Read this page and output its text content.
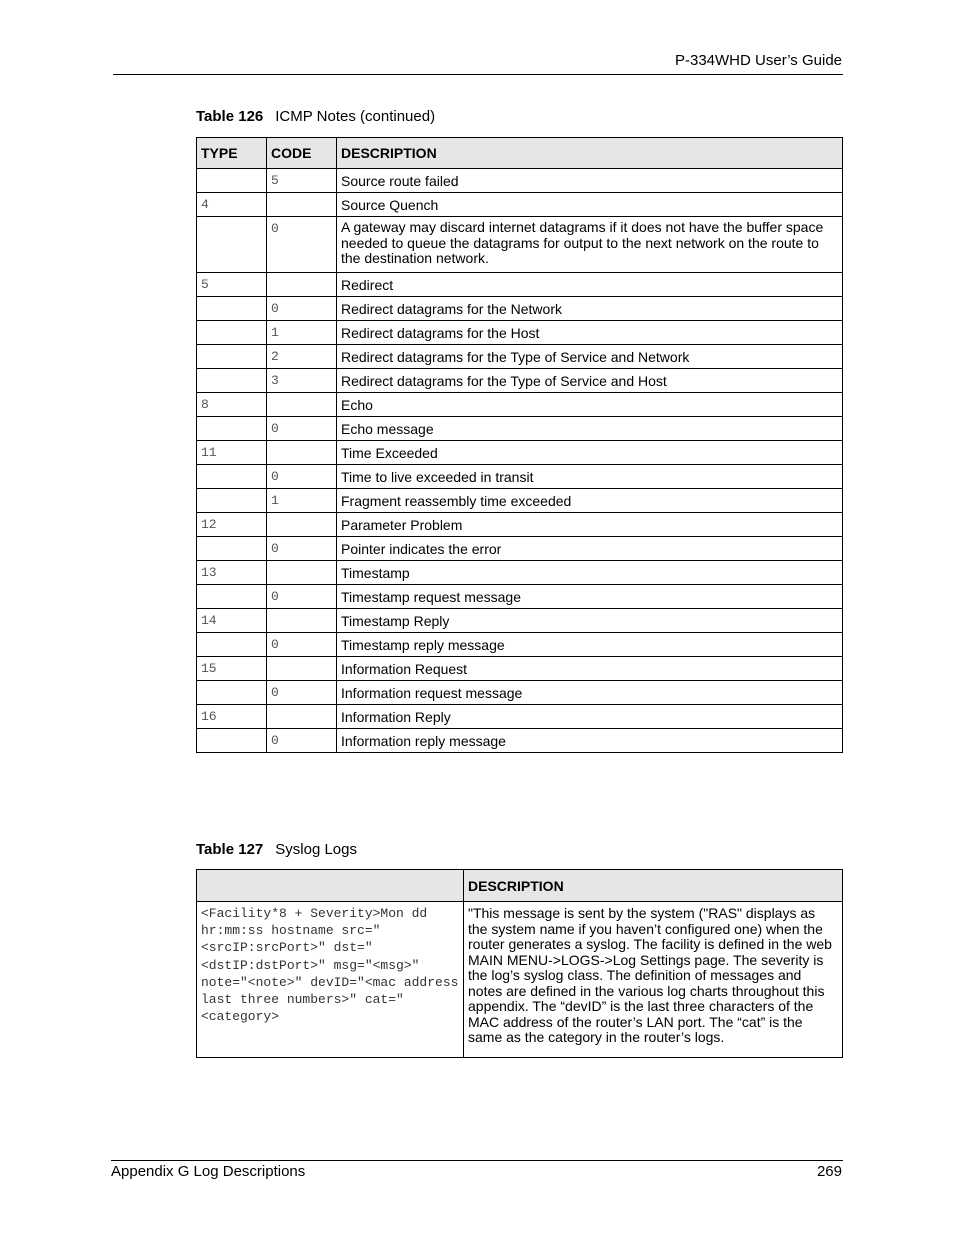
P-334WHD User’s Guide
Table 126 ICMP Notes (continued)
TYPE	CODE	DESCRIPTION
	5	Source route failed
4		Source Quench
	0	A gateway may discard internet datagrams if it does not have the buffer space needed to queue the datagrams for output to the next network on the route to the destination network.
5		Redirect
	0	Redirect datagrams for the Network
	1	Redirect datagrams for the Host
	2	Redirect datagrams for the Type of Service and Network
	3	Redirect datagrams for the Type of Service and Host
8		Echo
	0	Echo message
11		Time Exceeded
	0	Time to live exceeded in transit
	1	Fragment reassembly time exceeded
12		Parameter Problem
	0	Pointer indicates the error
13		Timestamp
	0	Timestamp request message
14		Timestamp Reply
	0	Timestamp reply message
15		Information Request
	0	Information request message
16		Information Reply
	0	Information reply message
Table 127 Syslog Logs
	DESCRIPTION
<Facility*8 + Severity>Mon dd hr:mm:ss hostname src="<srcIP:srcPort>" dst="<dstIP:dstPort>" msg="<msg>" note="<note>" devID="<mac address last three numbers>" cat="<category>	"This message is sent by the system ("RAS" displays as the system name if you haven’t configured one) when the router generates a syslog. The facility is defined in the web MAIN MENU->LOGS->Log Settings page. The severity is the log’s syslog class. The definition of messages and notes are defined in the various log charts throughout this appendix. The “devID” is the last three characters of the MAC address of the router’s LAN port. The “cat” is the same as the category in the router’s logs.
Appendix G Log Descriptions	269
